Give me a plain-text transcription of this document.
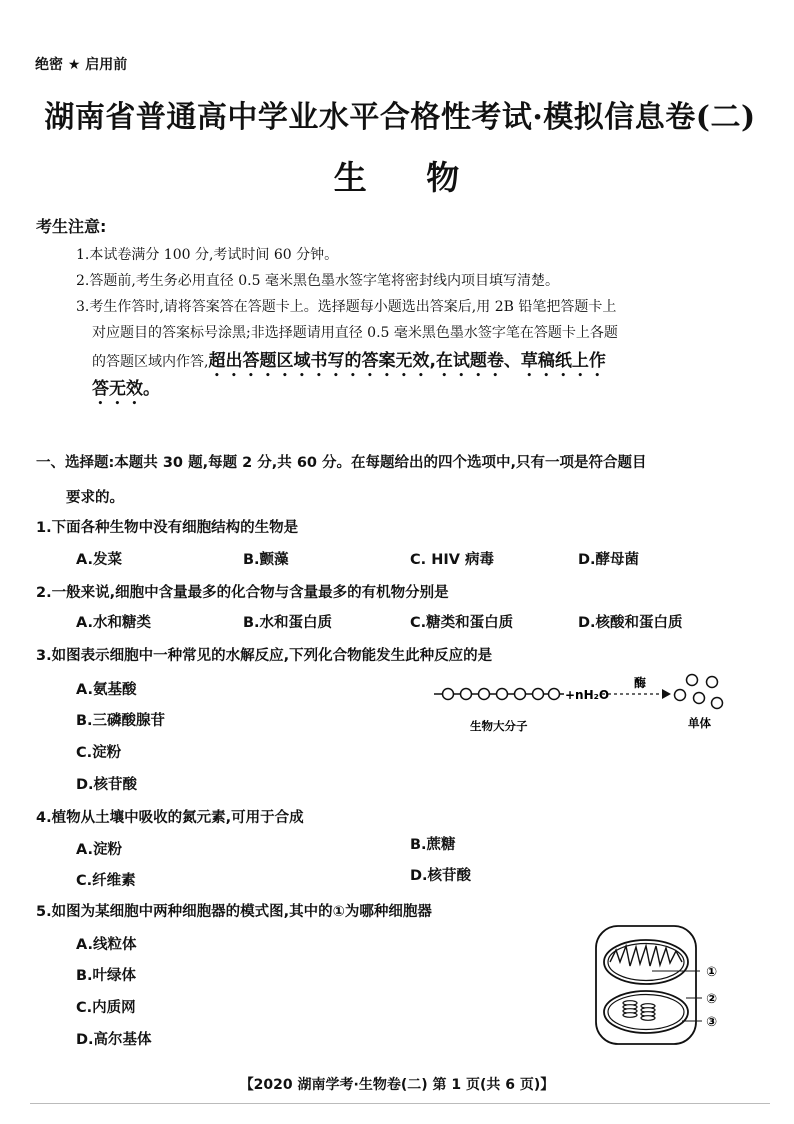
绝密 ★ 启用前
湖南省普通高中学业水平合格性考试·模拟信息卷(二)
生 物
考生注意:
1.本试卷满分 100 分,考试时间 60 分钟。
2.答题前,考生务必用直径 0.5 毫米黑色墨水签字笔将密封线内项目填写清楚。
3.考生作答时,请将答案答在答题卡上。选择题每小题选出答案后,用 2B 铅笔把答题卡上
对应题目的答案标号涂黑;非选择题请用直径 0.5 毫米黑色墨水签字笔在答题卡上各题
的答题区域内作答,超出答题区域书写的答案无效,在试题卷、草稿纸上作
答无效。
一、选择题:本题共 30 题,每题 2 分,共 60 分。在每题给出的四个选项中,只有一项是符合题目
要求的。
1.下面各种生物中没有细胞结构的生物是
A.发菜	B.颤藻	C. HIV 病毒	D.酵母菌
2.一般来说,细胞中含量最多的化合物与含量最多的有机物分别是
A.水和糖类	B.水和蛋白质	C.糖类和蛋白质	D.核酸和蛋白质
3.如图表示细胞中一种常见的水解反应,下列化合物能发生此种反应的是
A.氨基酸
B.三磷酸腺苷
C.淀粉
D.核苷酸
+nH₂O
酶
生物大分子	单体
4.植物从土壤中吸收的氮元素,可用于合成
A.淀粉	B.蔗糖
C.纤维素	D.核苷酸
5.如图为某细胞中两种细胞器的模式图,其中的①为哪种细胞器
A.线粒体
B.叶绿体
C.内质网
D.高尔基体
①
②
③
【2020 湖南学考·生物卷(二) 第 1 页(共 6 页)】
